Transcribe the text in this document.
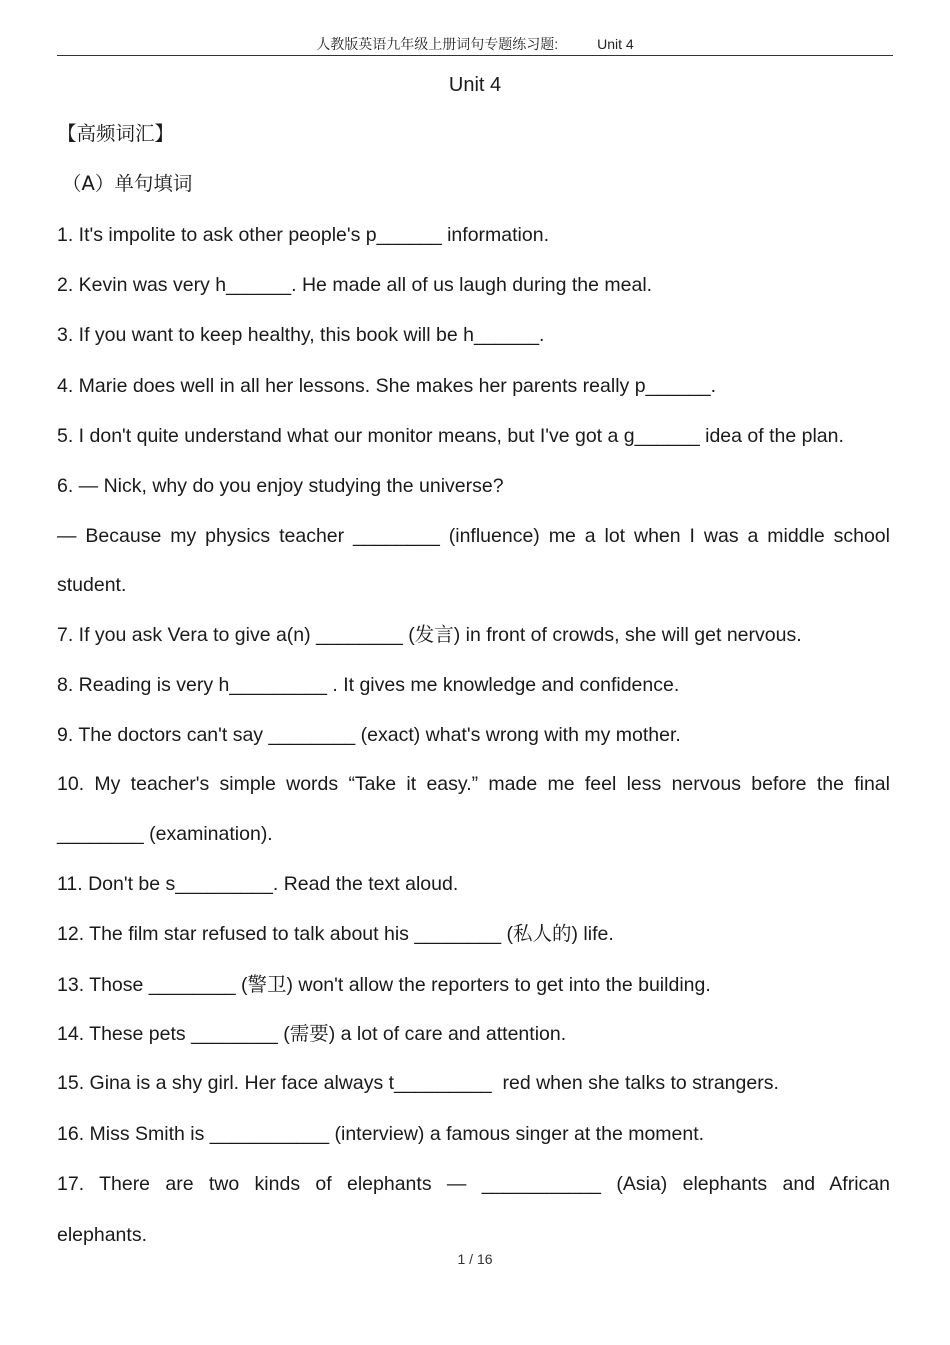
人教版英语九年级上册词句专题练习题:          Unit 4
Unit 4
【高频词汇】
（A）单句填词
1. It's impolite to ask other people's p______ information.
2. Kevin was very h______. He made all of us laugh during the meal.
3. If you want to keep healthy, this book will be h______.
4. Marie does well in all her lessons. She makes her parents really p______.
5. I don't quite understand what our monitor means, but I've got a g______ idea of the plan.
6. — Nick, why do you enjoy studying the universe?
— Because my physics teacher ________ (influence) me a lot when I was a middle school
student.
7. If you ask Vera to give a(n) ________ (发言) in front of crowds, she will get nervous.
8. Reading is very h_________ . It gives me knowledge and confidence.
9. The doctors can't say ________ (exact) what's wrong with my mother.
10. My teacher's simple words “Take it easy.” made me feel less nervous before the final
________ (examination).
11. Don't be s_________. Read the text aloud.
12. The film star refused to talk about his ________ (私人的) life.
13. Those ________ (警卫) won't allow the reporters to get into the building.
14. These pets ________ (需要) a lot of care and attention.
15. Gina is a shy girl. Her face always t_________  red when she talks to strangers.
16. Miss Smith is ___________ (interview) a famous singer at the moment.
17. There are two kinds of elephants — ___________ (Asia) elephants and African
elephants.
1 / 16
